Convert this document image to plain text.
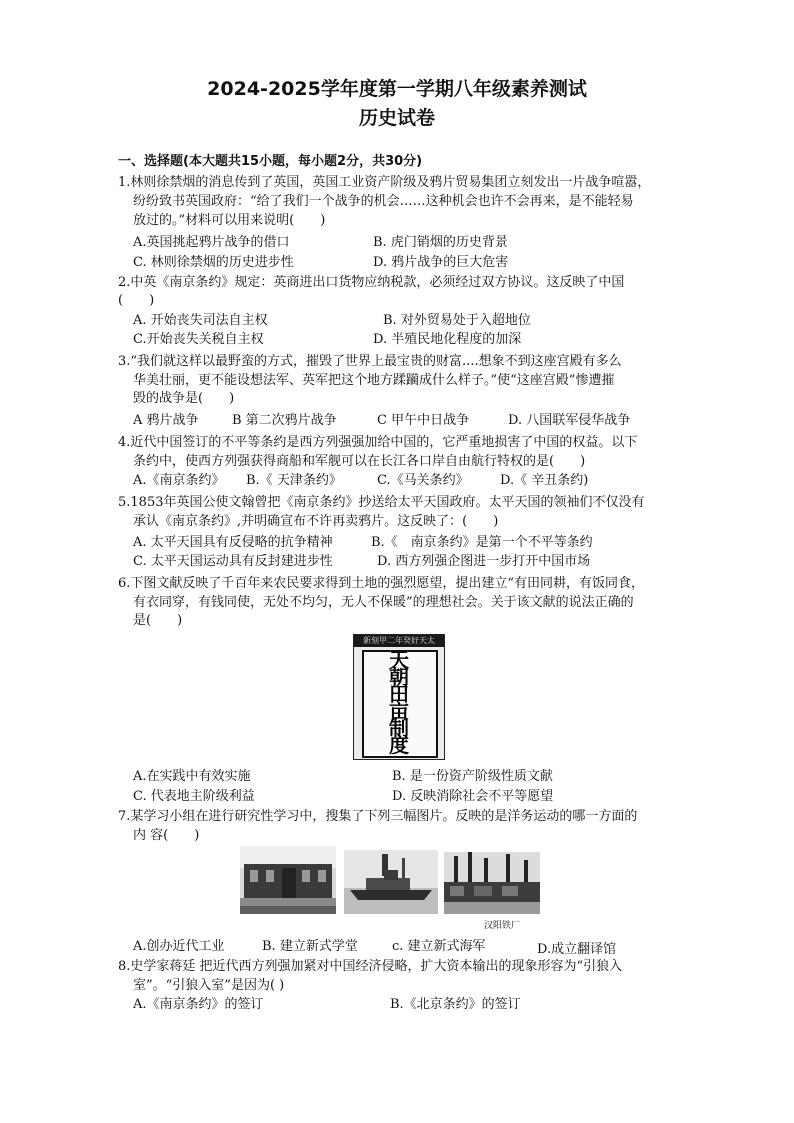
2024-2025学年度第一学期八年级素养测试
历史试卷
一、选择题(本大题共15小题，每小题2分，共30分)
1.林则徐禁烟的消息传到了英国，英国工业资产阶级及鸦片贸易集团立刻发出一片战争喧嚣，
纷纷致书英国政府：“给了我们一个战争的机会……这种机会也许不会再来，是不能轻易
放过的。”材料可以用来说明(　　)
A.英国挑起鸦片战争的借口	B. 虎门销烟的历史背景
C. 林则徐禁烟的历史进步性	D. 鸦片战争的巨大危害
2.中英《南京条约》规定：英商进出口货物应纳税款，必须经过双方协议。这反映了中国
(　　)
A. 开始丧失司法自主权	B. 对外贸易处于入超地位
C.开始丧失关税自主权	D. 半殖民地化程度的加深
3.“我们就这样以最野蛮的方式，摧毁了世界上最宝贵的财富....想象不到这座宫殿有多么
华美壮丽，更不能设想法军、英军把这个地方蹂躏成什么样子。”使“这座宫殿”惨遭摧
毁的战争是(　　)
A 鸦片战争	B 第二次鸦片战争	C 甲午中日战争	D. 八国联军侵华战争
4.近代中国签订的不平等条约是西方列强强加给中国的，它严重地损害了中国的权益。以下
条约中，使西方列强获得商船和军舰可以在长江各口岸自由航行特权的是(　　)
A.《南京条约》 B.《 天津条约》	C.《马关条约》 D.《 辛丑条约)
5.1853年英国公使文翰曾把《南京条约》抄送给太平天国政府。太平天国的领袖们不仅没有
承认《南京条约》,并明确宣布不许再卖鸦片。这反映了：(　　)
A. 太平天国具有反侵略的抗争精神	B.《　南京条约》是第一个不平等条约
C. 太平天国运动具有反封建进步性	D. 西方列强企图进一步打开中国市场
6.下图文献反映了千百年来农民要求得到土地的强烈愿望，提出建立“有田同耕，有饭同食，
有衣同穿，有钱同使，无处不均匀，无人不保暖”的理想社会。关于该文献的说法正确的
是(　　)
新刻甲二年癸好天太
天
朝
田
亩
制
度
A.在实践中有效实施	B. 是一份资产阶级性质文献
C. 代表地主阶级利益	D. 反映消除社会不平等愿望
7.某学习小组在进行研究性学习中，搜集了下列三幅图片。反映的是洋务运动的哪一方面的
内 容(　　)
汉阳铁厂
A.创办近代工业	B. 建立新式学堂	c. 建立新式海军	D.成立翻译馆
8.史学家蒋廷 把近代西方列强加紧对中国经济侵略，扩大资本输出的现象形容为“引狼入
室”。“引狼入室”是因为( )
A.《南京条约》的签订	B.《北京条约》的签订
